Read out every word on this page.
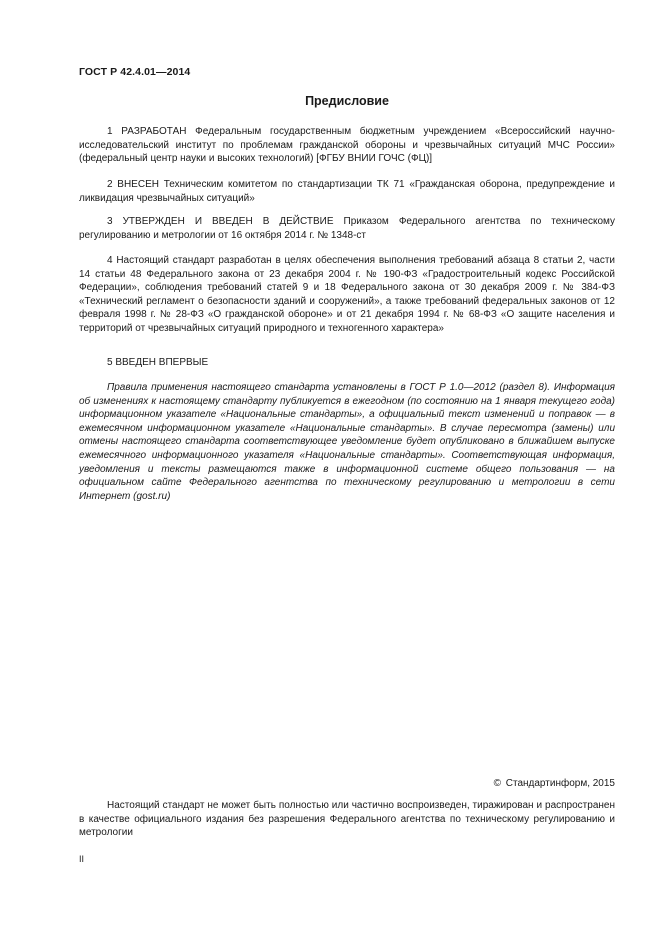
ГОСТ Р 42.4.01—2014
Предисловие

1 РАЗРАБОТАН Федеральным государственным бюджетным учреждением «Всероссийский научно-исследовательский институт по проблемам гражданской обороны и чрезвычайных ситуаций МЧС России» (федеральный центр науки и высоких технологий) [ФГБУ ВНИИ ГОЧС (ФЦ)]

2 ВНЕСЕН Техническим комитетом по стандартизации ТК 71 «Гражданская оборона, предупреждение и ликвидация чрезвычайных ситуаций»

3 УТВЕРЖДЕН И ВВЕДЕН В ДЕЙСТВИЕ Приказом Федерального агентства по техническому регулированию и метрологии от 16 октября 2014 г. № 1348-ст

4 Настоящий стандарт разработан в целях обеспечения выполнения требований абзаца 8 статьи 2, части 14 статьи 48 Федерального закона от 23 декабря 2004 г. № 190-ФЗ «Градостроительный кодекс Российской Федерации», соблюдения требований статей 9 и 18 Федерального закона от 30 декабря 2009 г. № 384-ФЗ «Технический регламент о безопасности зданий и сооружений», а также требований федеральных законов от 12 февраля 1998 г. № 28-ФЗ «О гражданской обороне» и от 21 декабря 1994 г. № 68-ФЗ «О защите населения и территорий от чрезвычайных ситуаций природного и техногенного характера»

5 ВВЕДЕН ВПЕРВЫЕ

Правила применения настоящего стандарта установлены в ГОСТ Р 1.0—2012 (раздел 8). Информация об изменениях к настоящему стандарту публикуется в ежегодном (по состоянию на 1 января текущего года) информационном указателе «Национальные стандарты», а официальный текст изменений и поправок — в ежемесячном информационном указателе «Национальные стандарты». В случае пересмотра (замены) или отмены настоящего стандарта соответствующее уведомление будет опубликовано в ближайшем выпуске ежемесячного информационного указателя «Национальные стандарты». Соответствующая информация, уведомления и тексты размещаются также в информационной системе общего пользования — на официальном сайте Федерального агентства по техническому регулированию и метрологии в сети Интернет (gost.ru)

© Стандартинформ, 2015

Настоящий стандарт не может быть полностью или частично воспроизведен, тиражирован и распространен в качестве официального издания без разрешения Федерального агентства по техническому регулированию и метрологии

II
